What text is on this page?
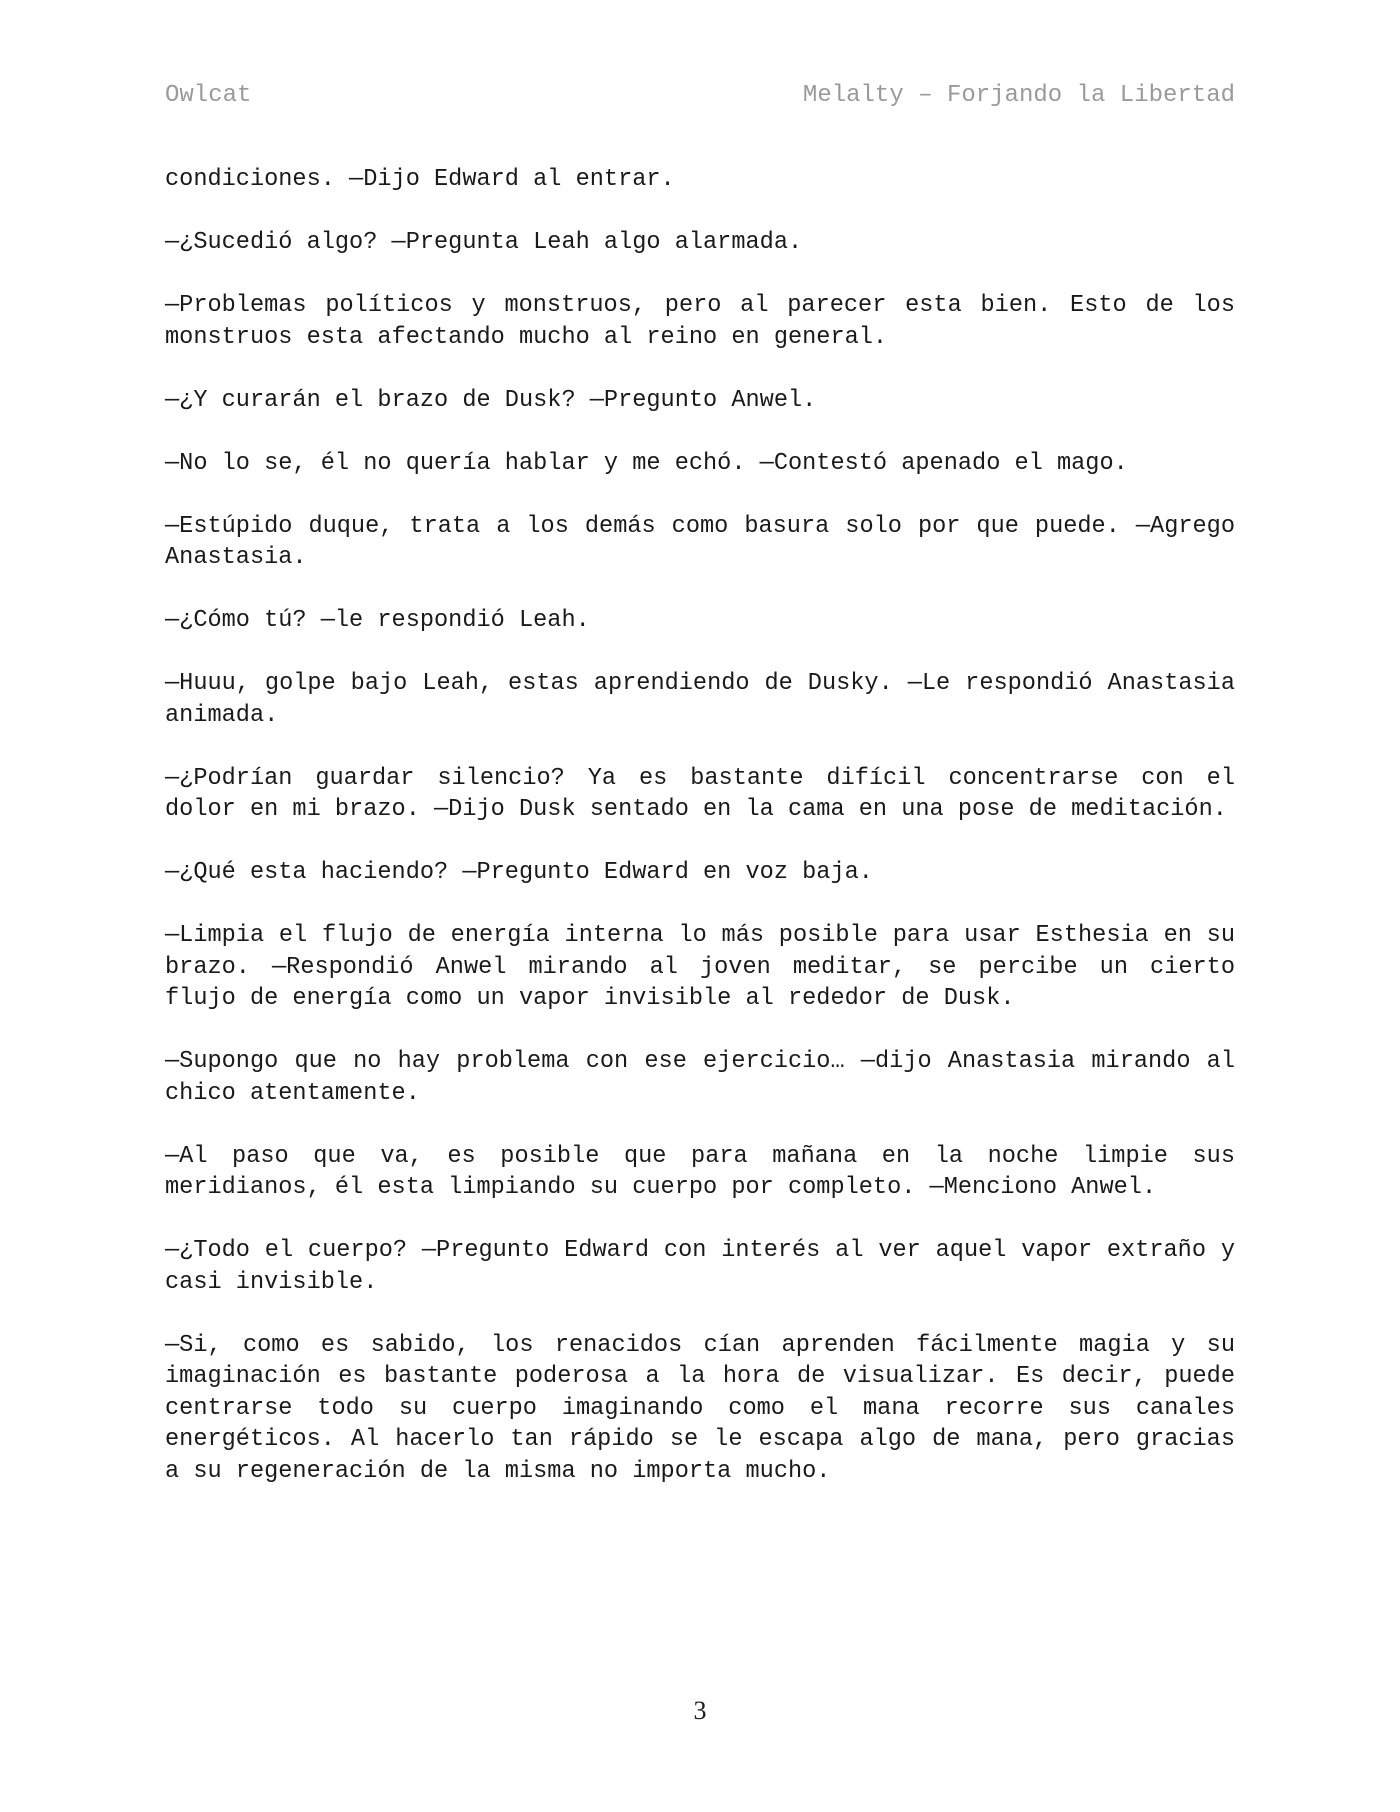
Owlcat	Melalty – Forjando la Libertad

condiciones. —Dijo Edward al entrar.

—¿Sucedió algo? —Pregunta Leah algo alarmada.

—Problemas políticos y monstruos, pero al parecer esta bien. Esto de los monstruos esta afectando mucho al reino en general.

—¿Y curarán el brazo de Dusk? —Pregunto Anwel.

—No lo se, él no quería hablar y me echó. —Contestó apenado el mago.

—Estúpido duque, trata a los demás como basura solo por que puede. —Agrego Anastasia.

—¿Cómo tú? —le respondió Leah.

—Huuu, golpe bajo Leah, estas aprendiendo de Dusky. —Le respondió Anastasia animada.

—¿Podrían guardar silencio? Ya es bastante difícil concentrarse con el dolor en mi brazo. —Dijo Dusk sentado en la cama en una pose de meditación.

—¿Qué esta haciendo? —Pregunto Edward en voz baja.

—Limpia el flujo de energía interna lo más posible para usar Esthesia en su brazo. —Respondió Anwel mirando al joven meditar, se percibe un cierto flujo de energía como un vapor invisible al rededor de Dusk.

—Supongo que no hay problema con ese ejercicio… —dijo Anastasia mirando al chico atentamente.

—Al paso que va, es posible que para mañana en la noche limpie sus meridianos, él esta limpiando su cuerpo por completo. —Menciono Anwel.

—¿Todo el cuerpo? —Pregunto Edward con interés al ver aquel vapor extraño y casi invisible.

—Si, como es sabido, los renacidos cían aprenden fácilmente magia y su imaginación es bastante poderosa a la hora de visualizar. Es decir, puede centrarse todo su cuerpo imaginando como el mana recorre sus canales energéticos. Al hacerlo tan rápido se le escapa algo de mana, pero gracias a su regeneración de la misma no importa mucho.

3
